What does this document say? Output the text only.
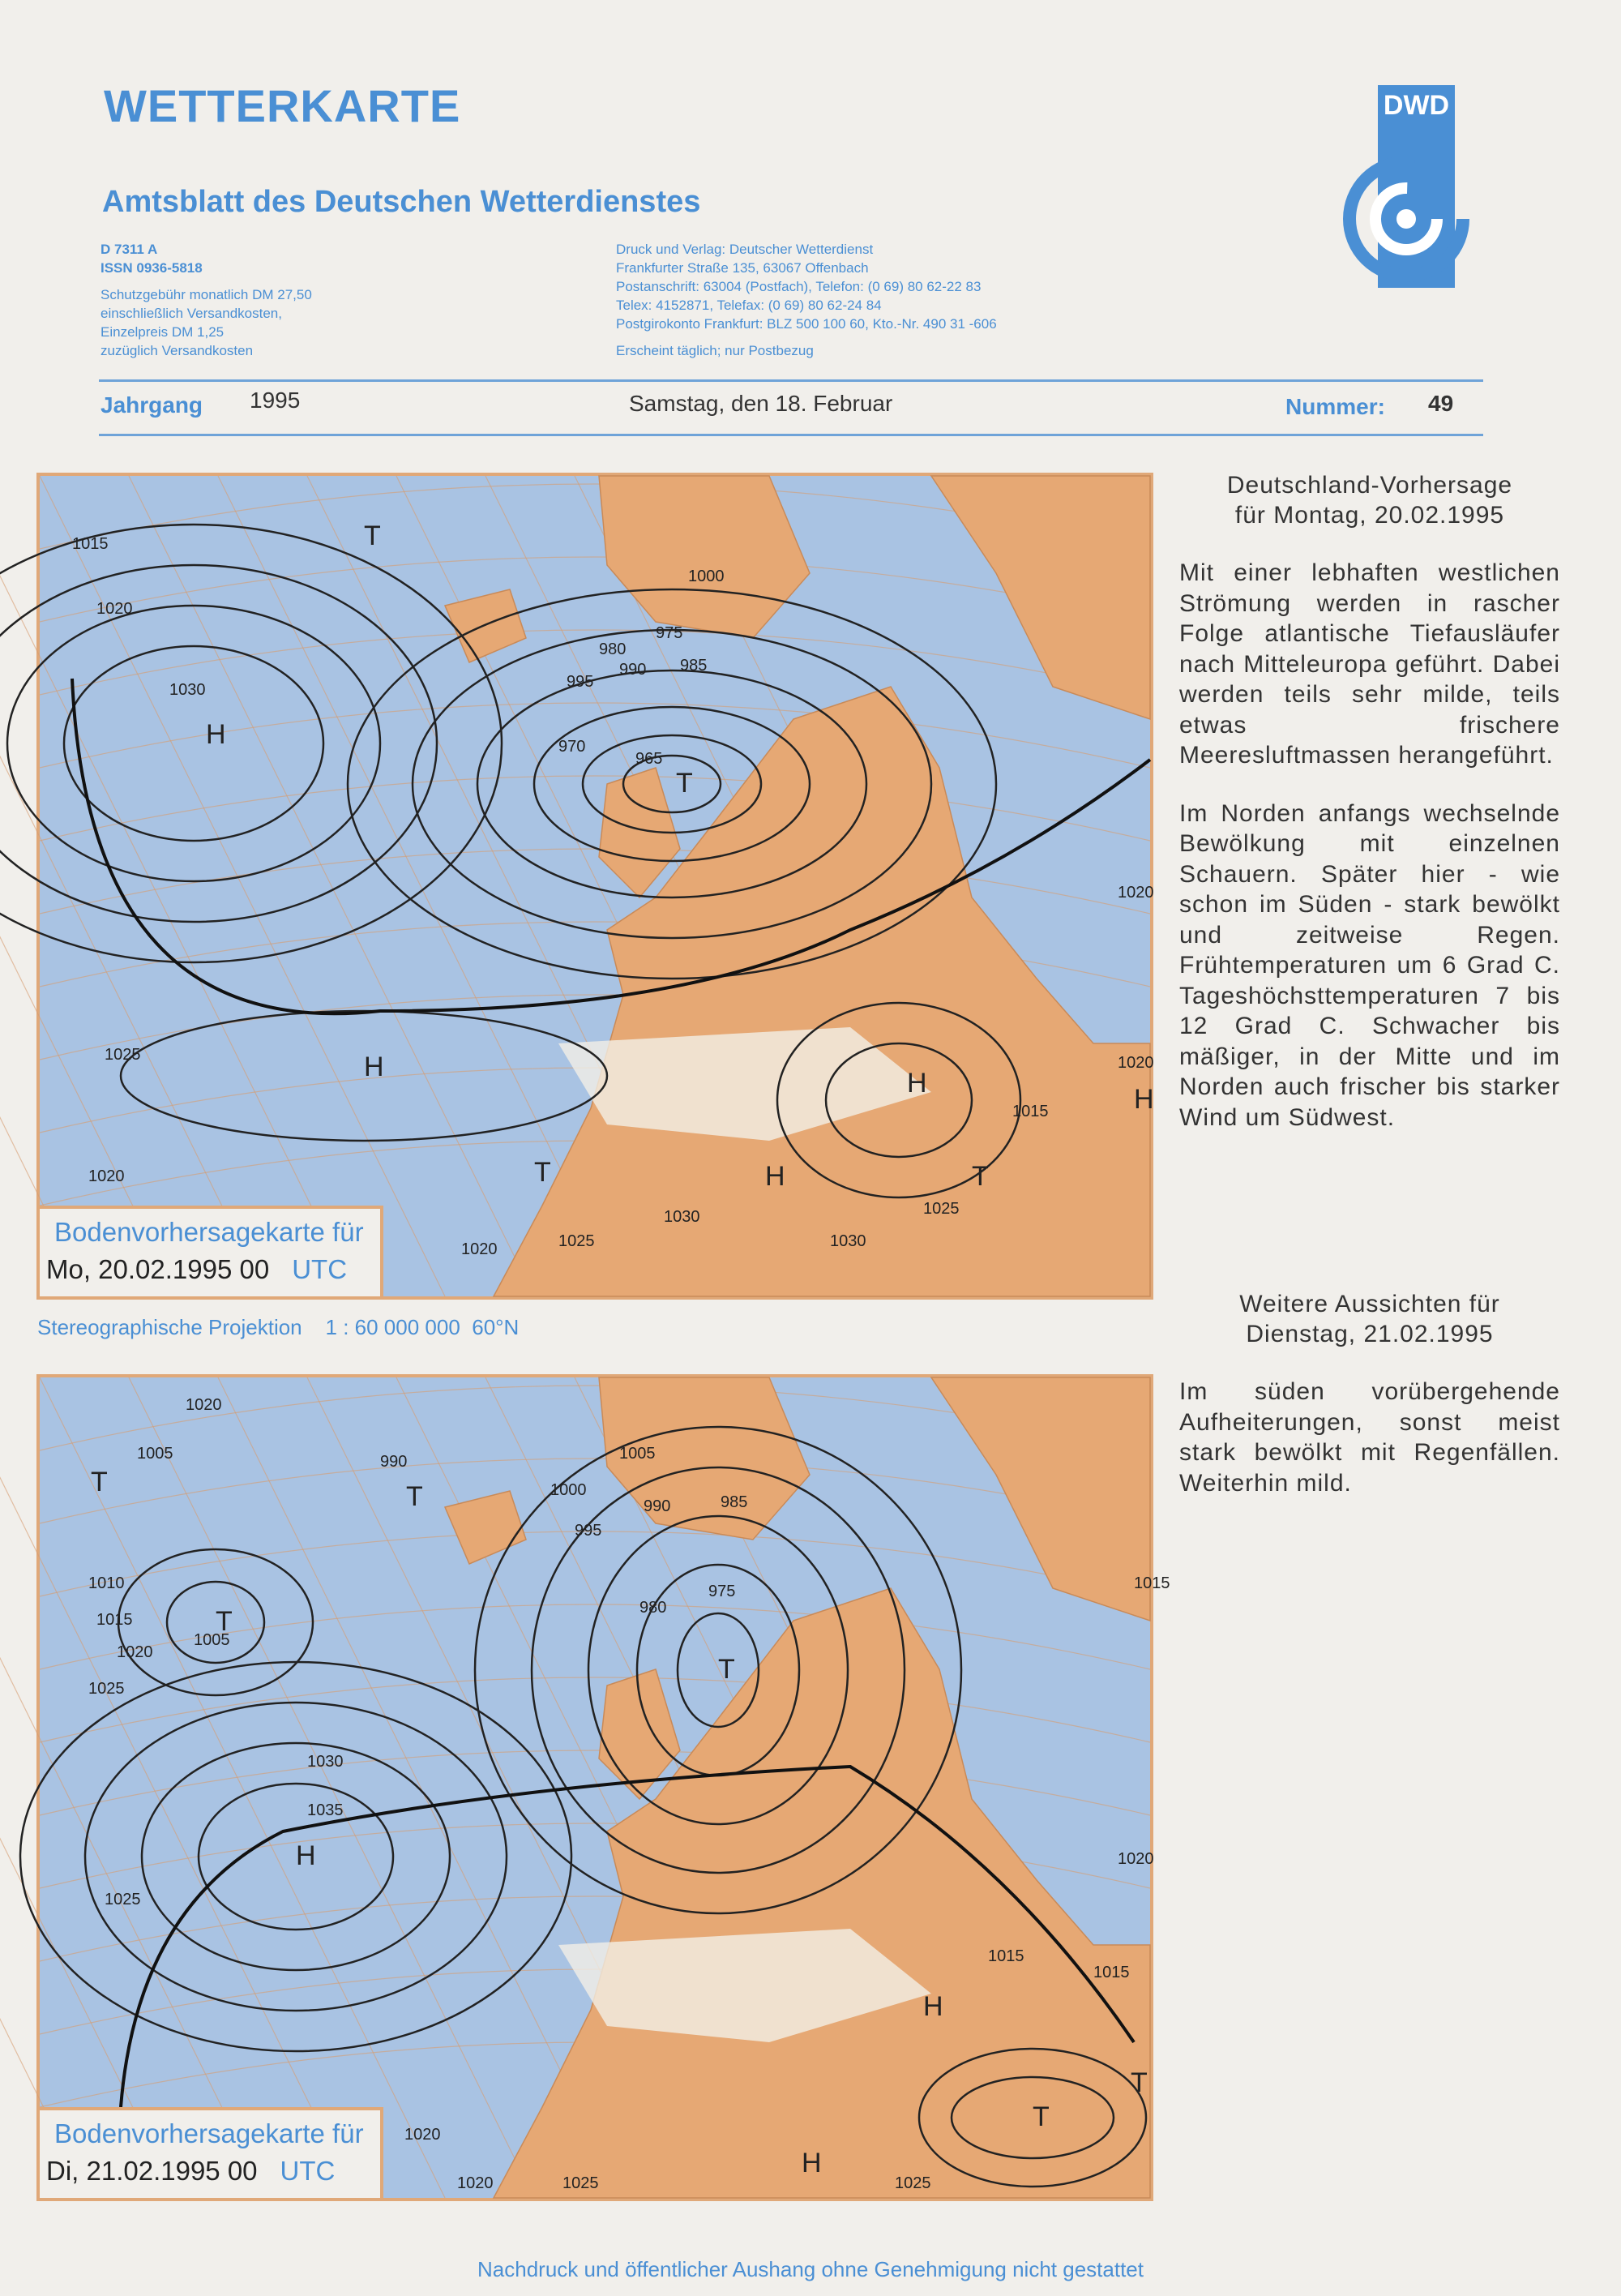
WETTERKARTE
Amtsblatt des Deutschen Wetterdienstes
DWD
D 7311 A
ISSN 0936-5818
Schutzgebühr monatlich DM 27,50
einschließlich Versandkosten,
Einzelpreis DM 1,25
zuzüglich Versandkosten
Druck und Verlag: Deutscher Wetterdienst
Frankfurter Straße 135, 63067 Offenbach
Postanschrift: 63004 (Postfach), Telefon: (0 69) 80 62-22 83
Telex: 4152871, Telefax: (0 69) 80 62-24 84
Postgirokonto Frankfurt: BLZ 500 100 60, Kto.-Nr. 490 31 -606
Erscheint täglich; nur Postbezug
Jahrgang 1995	Samstag, den 18. Februar	Nummer: 49
H
T
H
H
T	H	T
H
T
1015
1020
1030
1025
1020
995
990 985
980
975
970
965
1000
1020	1025
1030
1030
1025
1015
1020
1020
Bodenvorhersagekarte für
Mo, 20.02.1995 00 UTC
Stereographische Projektion    1 : 60 000 000  60°N
T
T
T
H
T
H
T
H
T
1020
1005
1010
1015
1020
1025
1005
990
1000
995
990	985
980
975
1030
1035
1025
1020
1020	1025	1025
1020
1015
1015
1015
1005
Bodenvorhersagekarte für
Di, 21.02.1995 00 UTC
Deutschland-Vorhersage
für Montag, 20.02.1995

Mit einer lebhaften westlichen Strömung werden in rascher Folge atlantische Tiefausläufer nach Mitteleuropa geführt. Dabei werden teils sehr milde, teils etwas frischere Meeresluftmassen herangeführt.

Im Norden anfangs wechselnde Bewölkung mit einzelnen Schauern. Später hier - wie schon im Süden - stark bewölkt und zeitweise Regen. Frühtemperaturen um 6 Grad C. Tageshöchsttemperaturen 7 bis 12 Grad C. Schwacher bis mäßiger, in der Mitte und im Norden auch frischer bis starker Wind um Südwest.

Weitere Aussichten für
Dienstag, 21.02.1995

Im süden vorübergehende Aufheiterungen, sonst meist stark bewölkt mit Regenfällen. Weiterhin mild.

Nachdruck und öffentlicher Aushang ohne Genehmigung nicht gestattet
